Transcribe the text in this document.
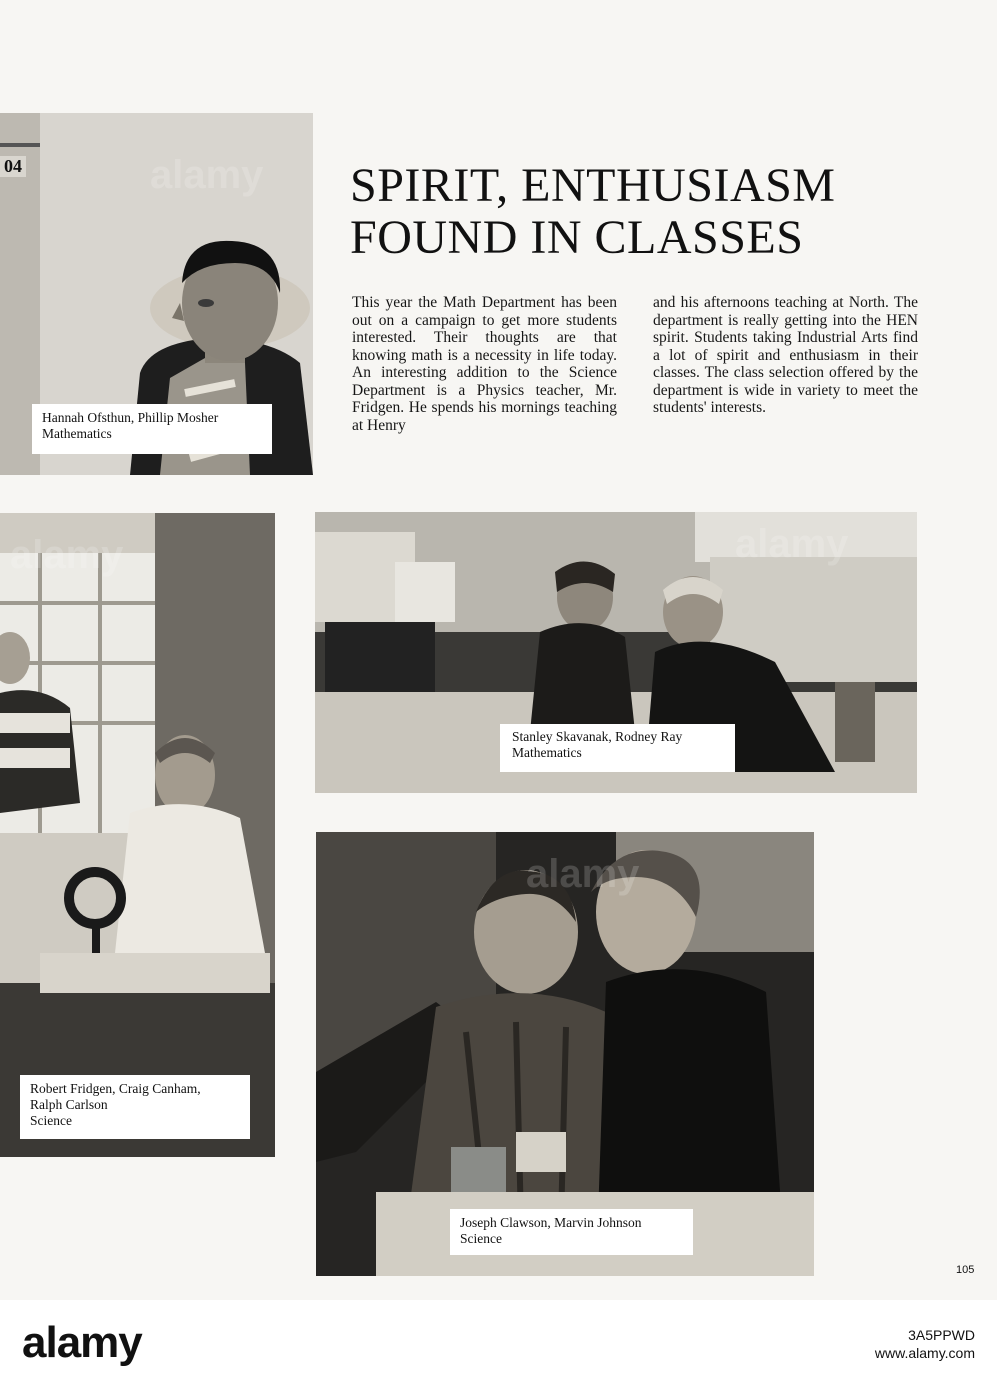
Hannah Ofsthun, Phillip Mosher
Mathematics
04	SPIRIT, ENTHUSIASM
FOUND IN CLASSES
This year the Math Department has been out on a campaign to get more students interested. Their thoughts are that knowing math is a necessity in life today. An interesting addition to the Science Department is a Physics teacher, Mr. Fridgen. He spends his mornings teaching at Henry
and his afternoons teaching at North. The department is really getting into the HEN spirit. Students taking Industrial Arts find a lot of spirit and enthusiasm in their classes. The class selection offered by the department is wide in variety to meet the students' interests.
Stanley Skavanak, Rodney Ray
Mathematics
Robert Fridgen, Craig Canham,
Ralph Carlson
Science
Joseph Clawson, Marvin Johnson
Science
105
alamy	3A5PPWD
www.alamy.com
